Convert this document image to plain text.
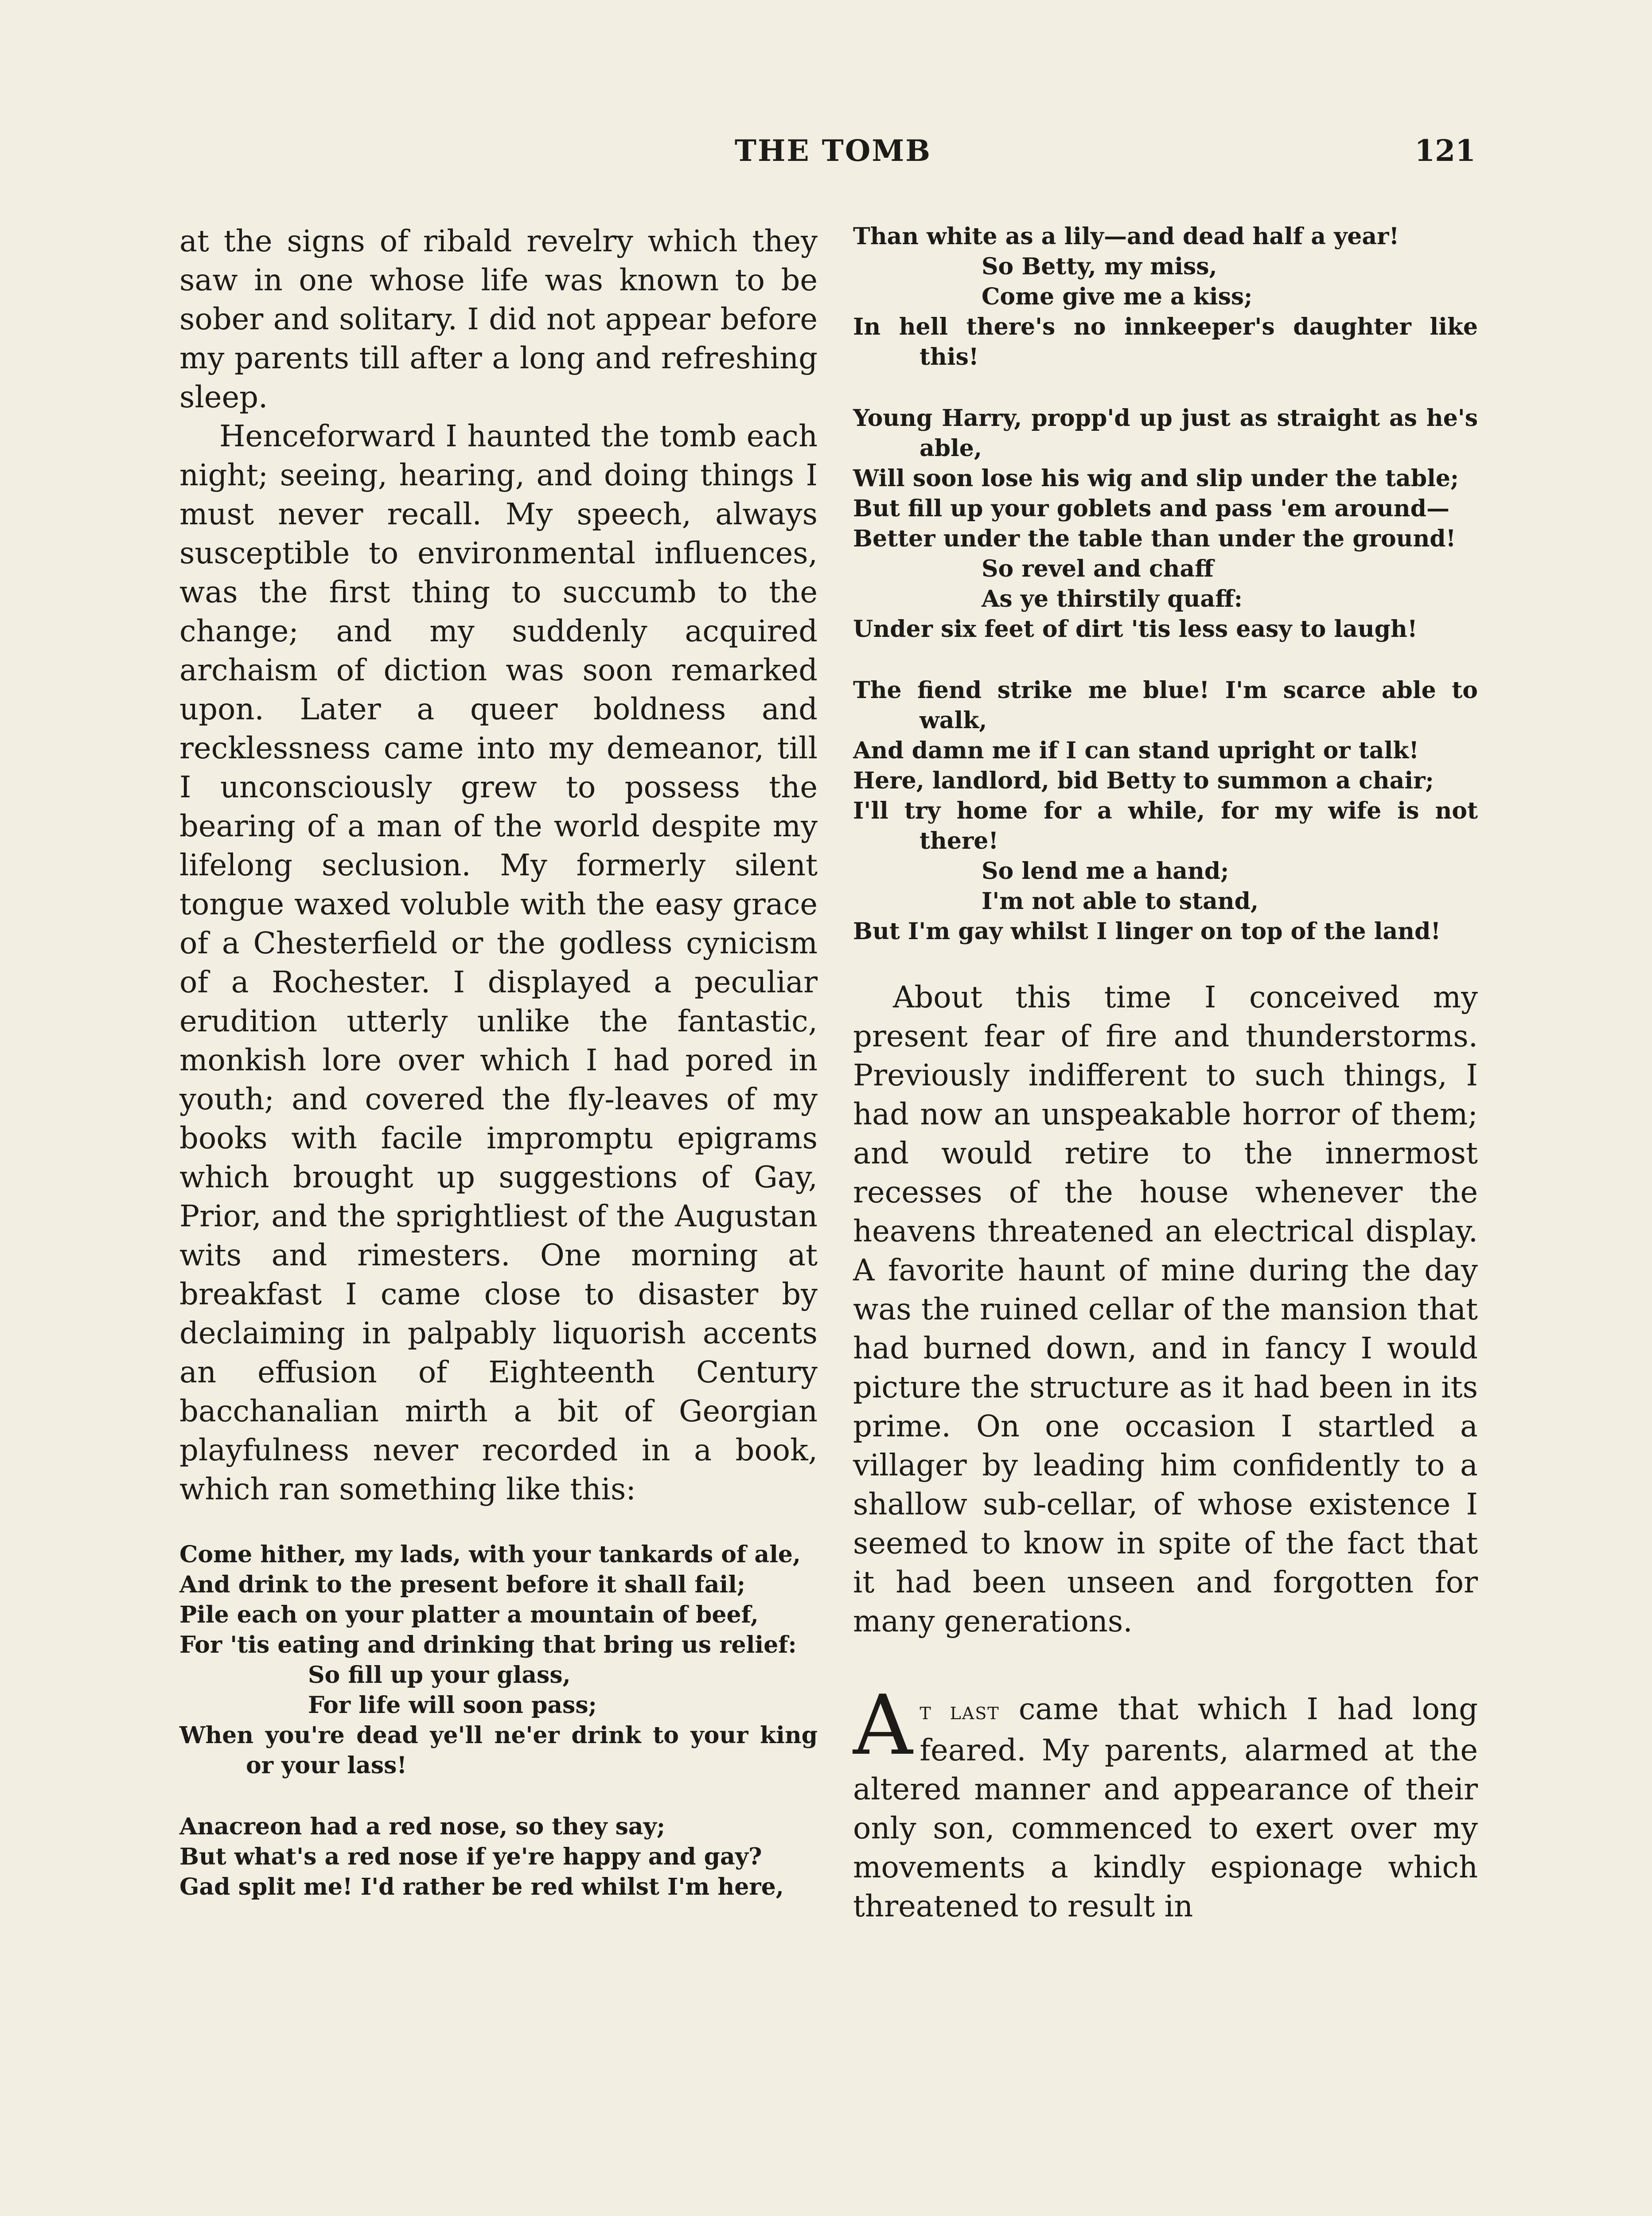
THE TOMB	121

at the signs of ribald revelry which they saw in one whose life was known to be sober and solitary. I did not appear before my parents till after a long and refreshing sleep.

Henceforward I haunted the tomb each night; seeing, hearing, and doing things I must never recall. My speech, always susceptible to environmental influences, was the first thing to succumb to the change; and my suddenly acquired archaism of diction was soon remarked upon. Later a queer boldness and recklessness came into my demeanor, till I unconsciously grew to possess the bearing of a man of the world despite my lifelong seclusion. My formerly silent tongue waxed voluble with the easy grace of a Chesterfield or the godless cynicism of a Rochester. I displayed a peculiar erudition utterly unlike the fantastic, monkish lore over which I had pored in youth; and covered the fly-leaves of my books with facile impromptu epigrams which brought up suggestions of Gay, Prior, and the sprightliest of the Augustan wits and rimesters. One morning at breakfast I came close to disaster by declaiming in palpably liquorish accents an effusion of Eighteenth Century bacchanalian mirth a bit of Georgian playfulness never recorded in a book, which ran something like this:

Come hither, my lads, with your tankards of ale,
And drink to the present before it shall fail;
Pile each on your platter a mountain of beef,
For 'tis eating and drinking that bring us relief:
So fill up your glass,
For life will soon pass;
When you're dead ye'll ne'er drink to your king or your lass!
Anacreon had a red nose, so they say;
But what's a red nose if ye're happy and gay?
Gad split me! I'd rather be red whilst I'm here,
Than white as a lily—and dead half a year!
So Betty, my miss,
Come give me a kiss;
In hell there's no innkeeper's daughter like this!
Young Harry, propp'd up just as straight as he's able,
Will soon lose his wig and slip under the table;
But fill up your goblets and pass 'em around—
Better under the table than under the ground!
So revel and chaff
As ye thirstily quaff:
Under six feet of dirt 'tis less easy to laugh!
The fiend strike me blue! I'm scarce able to walk,
And damn me if I can stand upright or talk!
Here, landlord, bid Betty to summon a chair;
I'll try home for a while, for my wife is not there!
So lend me a hand;
I'm not able to stand,
But I'm gay whilst I linger on top of the land!

About this time I conceived my present fear of fire and thunderstorms. Previously indifferent to such things, I had now an unspeakable horror of them; and would retire to the innermost recesses of the house whenever the heavens threatened an electrical display. A favorite haunt of mine during the day was the ruined cellar of the mansion that had burned down, and in fancy I would picture the structure as it had been in its prime. On one occasion I startled a villager by leading him confidently to a shallow sub-cellar, of whose existence I seemed to know in spite of the fact that it had been unseen and forgotten for many generations.

At last came that which I had long feared. My parents, alarmed at the altered manner and appearance of their only son, commenced to exert over my movements a kindly espionage which threatened to result in
